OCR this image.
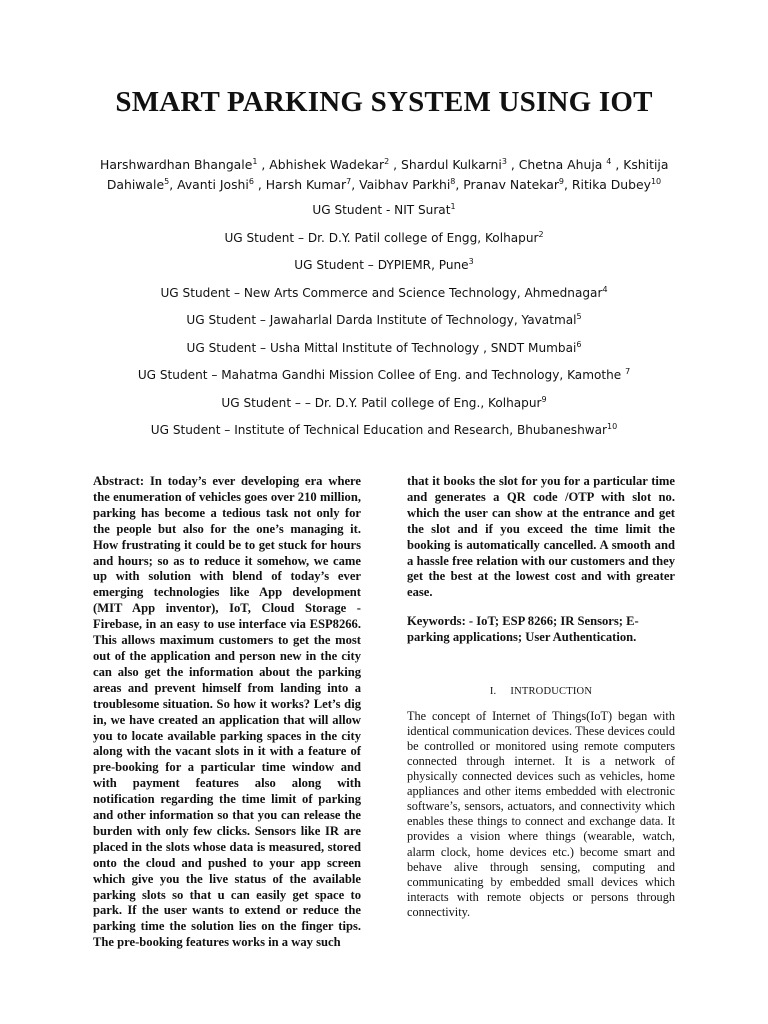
SMART PARKING SYSTEM USING IOT
Harshwardhan Bhangale$^1$ , Abhishek Wadekar$^2$ , Shardul Kulkarni$^3$ , Chetna Ahuja $^4$ , Kshitija
Dahiwale$^5$, Avanti Joshi$^6$ , Harsh Kumar$^7$, Vaibhav Parkhi$^8$, Pranav Natekar$^9$, Ritika Dubey$^{10}$
UG Student - NIT Surat$^1$
UG Student – Dr. D.Y. Patil college of Engg, Kolhapur$^2$
UG Student – DYPIEMR, Pune$^3$
UG Student – New Arts Commerce and Science Technology, Ahmednagar$^4$
UG Student – Jawaharlal Darda Institute of Technology, Yavatmal$^5$
UG Student – Usha Mittal Institute of Technology , SNDT Mumbai$^6$
UG Student – Mahatma Gandhi Mission Collee of Eng. and Technology, Kamothe $^7$
UG Student – – Dr. D.Y. Patil college of Eng., Kolhapur$^9$
UG Student – Institute of Technical Education and Research, Bhubaneshwar$^{10}$

Abstract: In today’s ever developing era where the enumeration of vehicles goes over 210 million, parking has become a tedious task not only for the people but also for the one’s managing it. How frustrating it could be to get stuck for hours and hours; so as to reduce it somehow, we came up with solution with blend of today’s ever emerging technologies like App development (MIT App inventor), IoT, Cloud Storage - Firebase, in an easy to use interface via ESP8266. This allows maximum customers to get the most out of the application and person new in the city can also get the information about the parking areas and prevent himself from landing into a troublesome situation. So how it works? Let’s dig in, we have created an application that will allow you to locate available parking spaces in the city along with the vacant slots in it with a feature of pre-booking for a particular time window and with payment features also along with notification regarding the time limit of parking and other information so that you can release the burden with only few clicks. Sensors like IR are placed in the slots whose data is measured, stored onto the cloud and pushed to your app screen which give you the live status of the available parking slots so that u can easily get space to park. If the user wants to extend or reduce the parking time the solution lies on the finger tips. The pre-booking features works in a way such

that it books the slot for you for a particular time and generates a QR code /OTP with slot no. which the user can show at the entrance and get the slot and if you exceed the time limit the booking is automatically cancelled. A smooth and a hassle free relation with our customers and they get the best at the lowest cost and with greater ease.

Keywords: - IoT; ESP 8266; IR Sensors; E-parking applications; User Authentication.

I. INTRODUCTION

The concept of Internet of Things(IoT) began with identical communication devices. These devices could be controlled or monitored using remote computers connected through internet. It is a network of physically connected devices such as vehicles, home appliances and other items embedded with electronic software’s, sensors, actuators, and connectivity which enables these things to connect and exchange data. It provides a vision where things (wearable, watch, alarm clock, home devices etc.) become smart and behave alive through sensing, computing and communicating by embedded small devices which interacts with remote objects or persons through connectivity.
